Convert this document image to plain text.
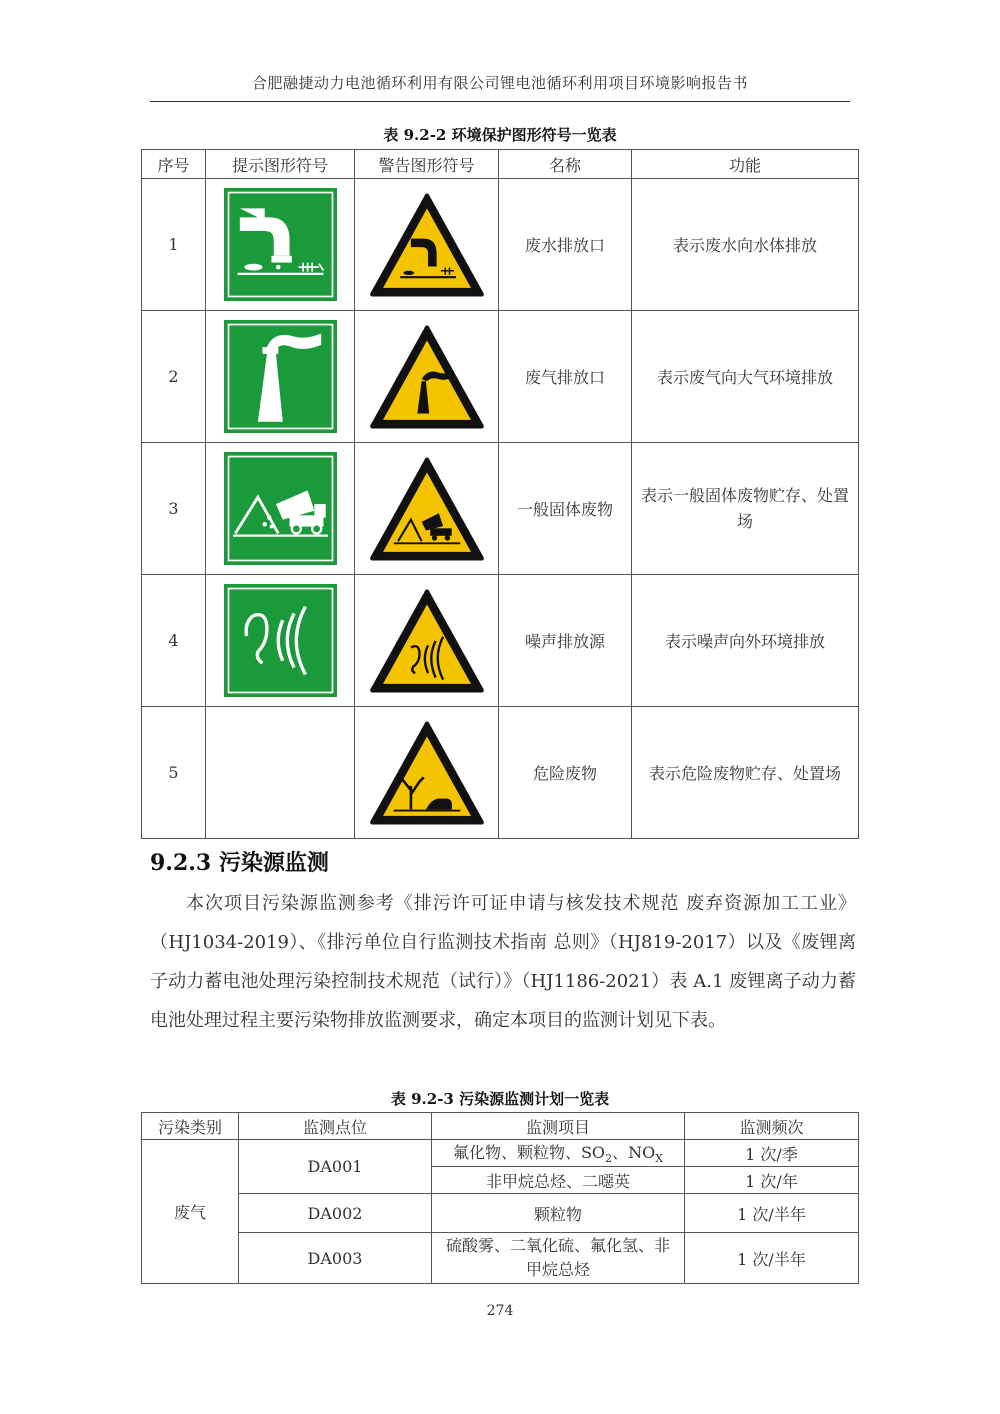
合肥融捷动力电池循环利用有限公司锂电池循环利用项目环境影响报告书
表 9.2-2 环境保护图形符号一览表
序号	提示图形符号	警告图形符号	名称	功能
1			废水排放口	表示废水向水体排放
2			废气排放口	表示废气向大气环境排放
3			一般固体废物	表示一般固体废物贮存、处置场
4			噪声排放源	表示噪声向外环境排放
5			危险废物	表示危险废物贮存、处置场
9.2.3 污染源监测

本次项目污染源监测参考《排污许可证申请与核发技术规范 废弃资源加工工业》（HJ1034-2019）、《排污单位自行监测技术指南 总则》（HJ819-2017）以及《废锂离子动力蓄电池处理污染控制技术规范（试行）》（HJ1186-2021）表 A.1 废锂离子动力蓄电池处理过程主要污染物排放监测要求，确定本项目的监测计划见下表。

表 9.2-3 污染源监测计划一览表
污染类别	监测点位	监测项目	监测频次
废气	DA001	氟化物、颗粒物、$SO_2$、$NO_X$	1 次/季
		非甲烷总烃、二噁英	1 次/年
	DA002	颗粒物	1 次/半年
	DA003	硫酸雾、二氧化硫、氟化氢、非甲烷总烃	1 次/半年
274
